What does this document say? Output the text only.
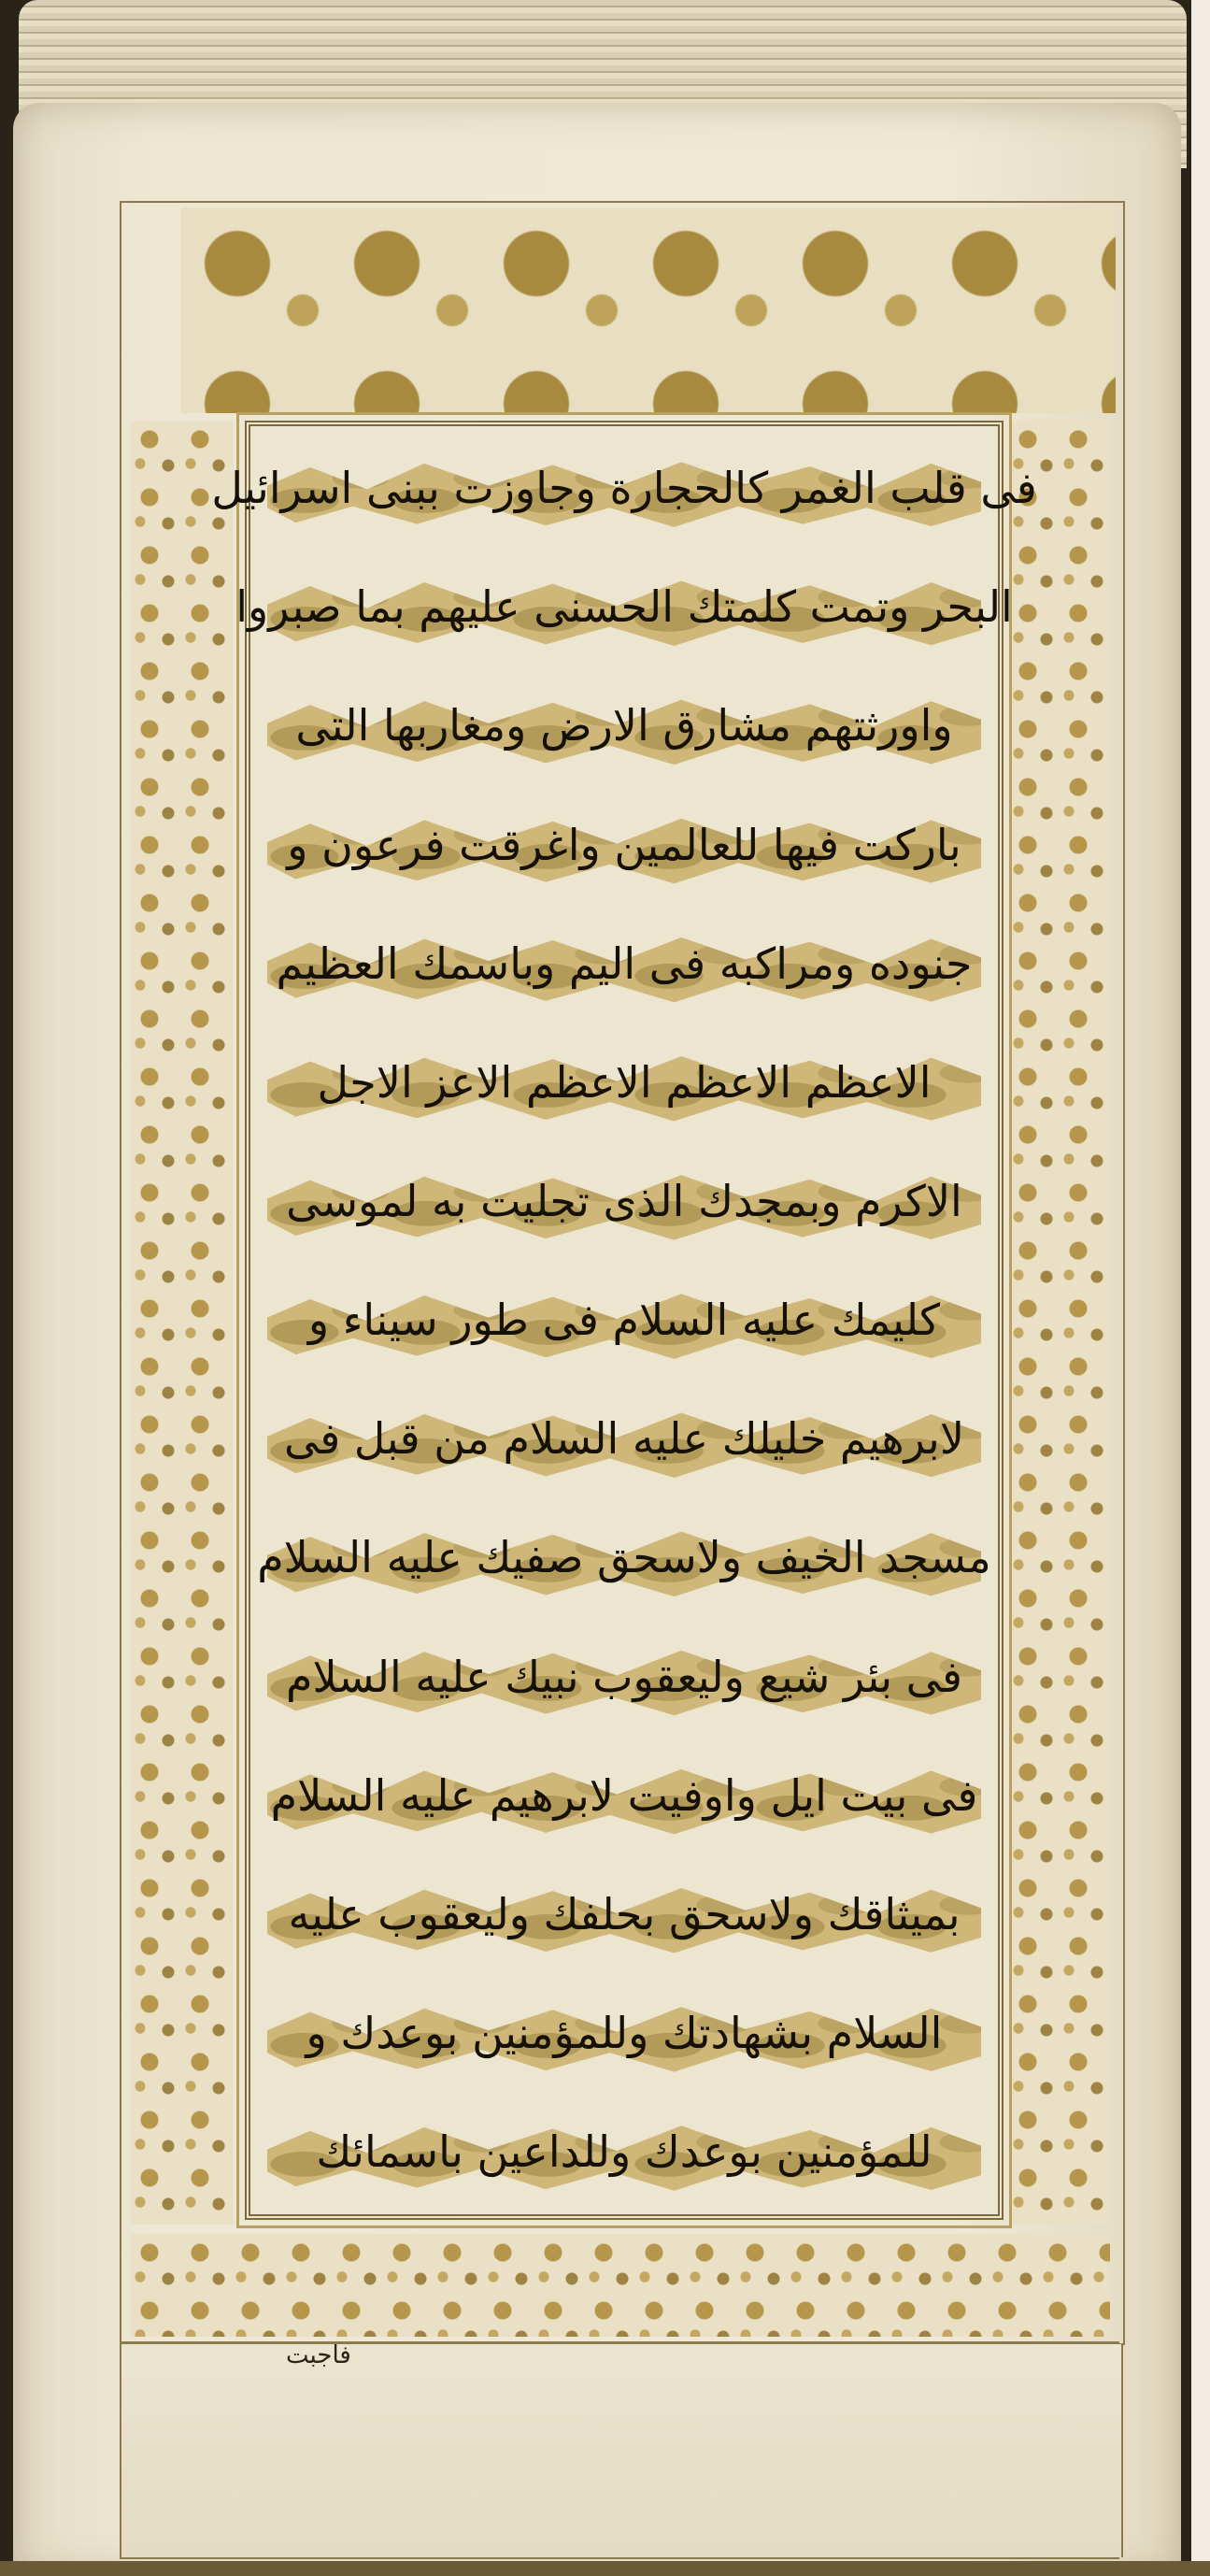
فى قلب الغمر كالحجارة وجاوزت ببنى اسرائيل
البحر وتمت كلمتك الحسنى عليهم بما صبروا
واورثتهم مشارق الارض ومغاربها التى
باركت فيها للعالمين واغرقت فرعون و
جنوده ومراكبه فى اليم وباسمك العظيم
الاعظم الاعظم الاعظم الاعز الاجل
الاكرم وبمجدك الذى تجليت به لموسى
كليمك عليه السلام فى طور سيناء و
لابرهيم خليلك عليه السلام من قبل فى
مسجد الخيف ولاسحق صفيك عليه السلام
فى بئر شيع وليعقوب نبيك عليه السلام
فى بيت ايل واوفيت لابرهيم عليه السلام
بميثاقك ولاسحق بحلفك وليعقوب عليه
السلام بشهادتك وللمؤمنين بوعدك و
للمؤمنين بوعدك وللداعين باسمائك
فاجبت
